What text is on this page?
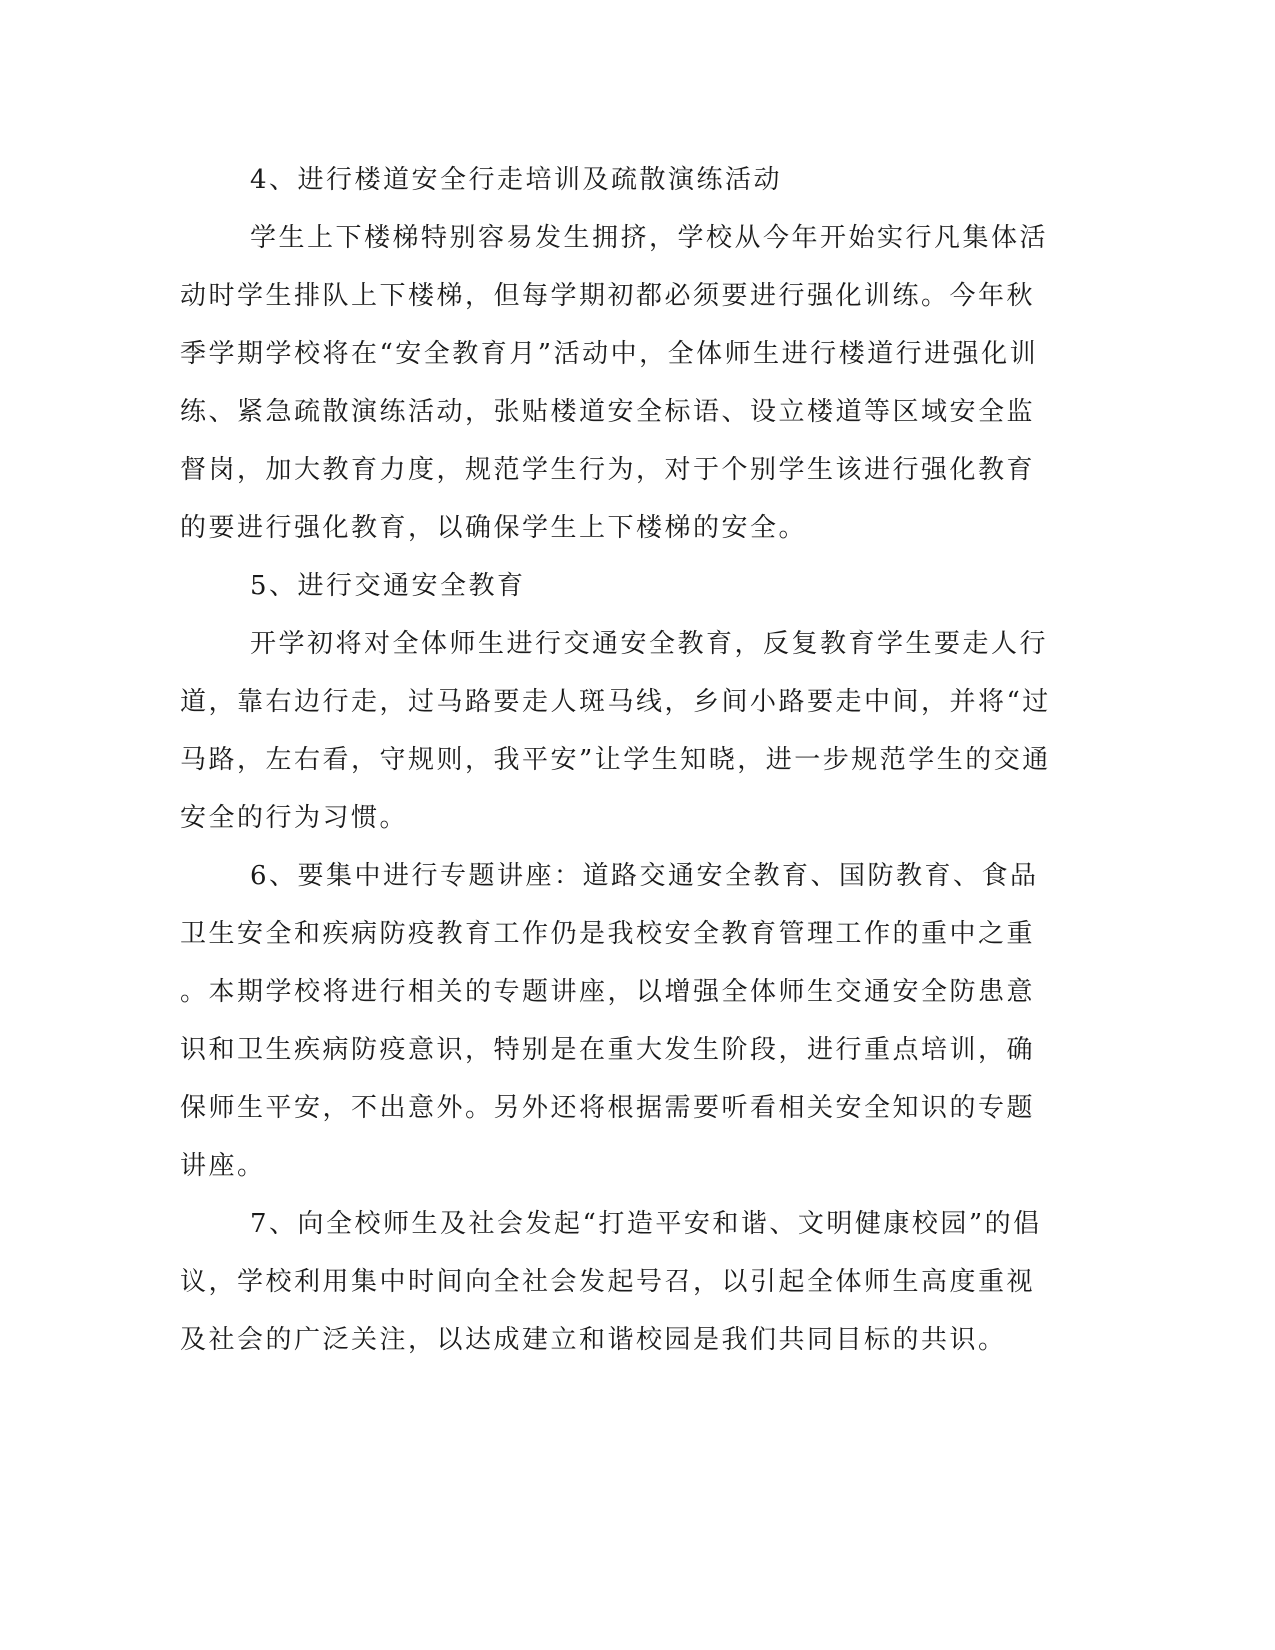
4、进行楼道安全行走培训及疏散演练活动
学生上下楼梯特别容易发生拥挤，学校从今年开始实行凡集体活
动时学生排队上下楼梯，但每学期初都必须要进行强化训练。今年秋
季学期学校将在“安全教育月”活动中，全体师生进行楼道行进强化训
练、紧急疏散演练活动，张贴楼道安全标语、设立楼道等区域安全监
督岗，加大教育力度，规范学生行为，对于个别学生该进行强化教育
的要进行强化教育，以确保学生上下楼梯的安全。
5、进行交通安全教育
开学初将对全体师生进行交通安全教育，反复教育学生要走人行
道，靠右边行走，过马路要走人斑马线，乡间小路要走中间，并将“过
马路，左右看，守规则，我平安”让学生知晓，进一步规范学生的交通
安全的行为习惯。
6、要集中进行专题讲座：道路交通安全教育、国防教育、食品
卫生安全和疾病防疫教育工作仍是我校安全教育管理工作的重中之重
。本期学校将进行相关的专题讲座，以增强全体师生交通安全防患意
识和卫生疾病防疫意识，特别是在重大发生阶段，进行重点培训，确
保师生平安，不出意外。另外还将根据需要听看相关安全知识的专题
讲座。
7、向全校师生及社会发起“打造平安和谐、文明健康校园”的倡
议，学校利用集中时间向全社会发起号召，以引起全体师生高度重视
及社会的广泛关注，以达成建立和谐校园是我们共同目标的共识。
